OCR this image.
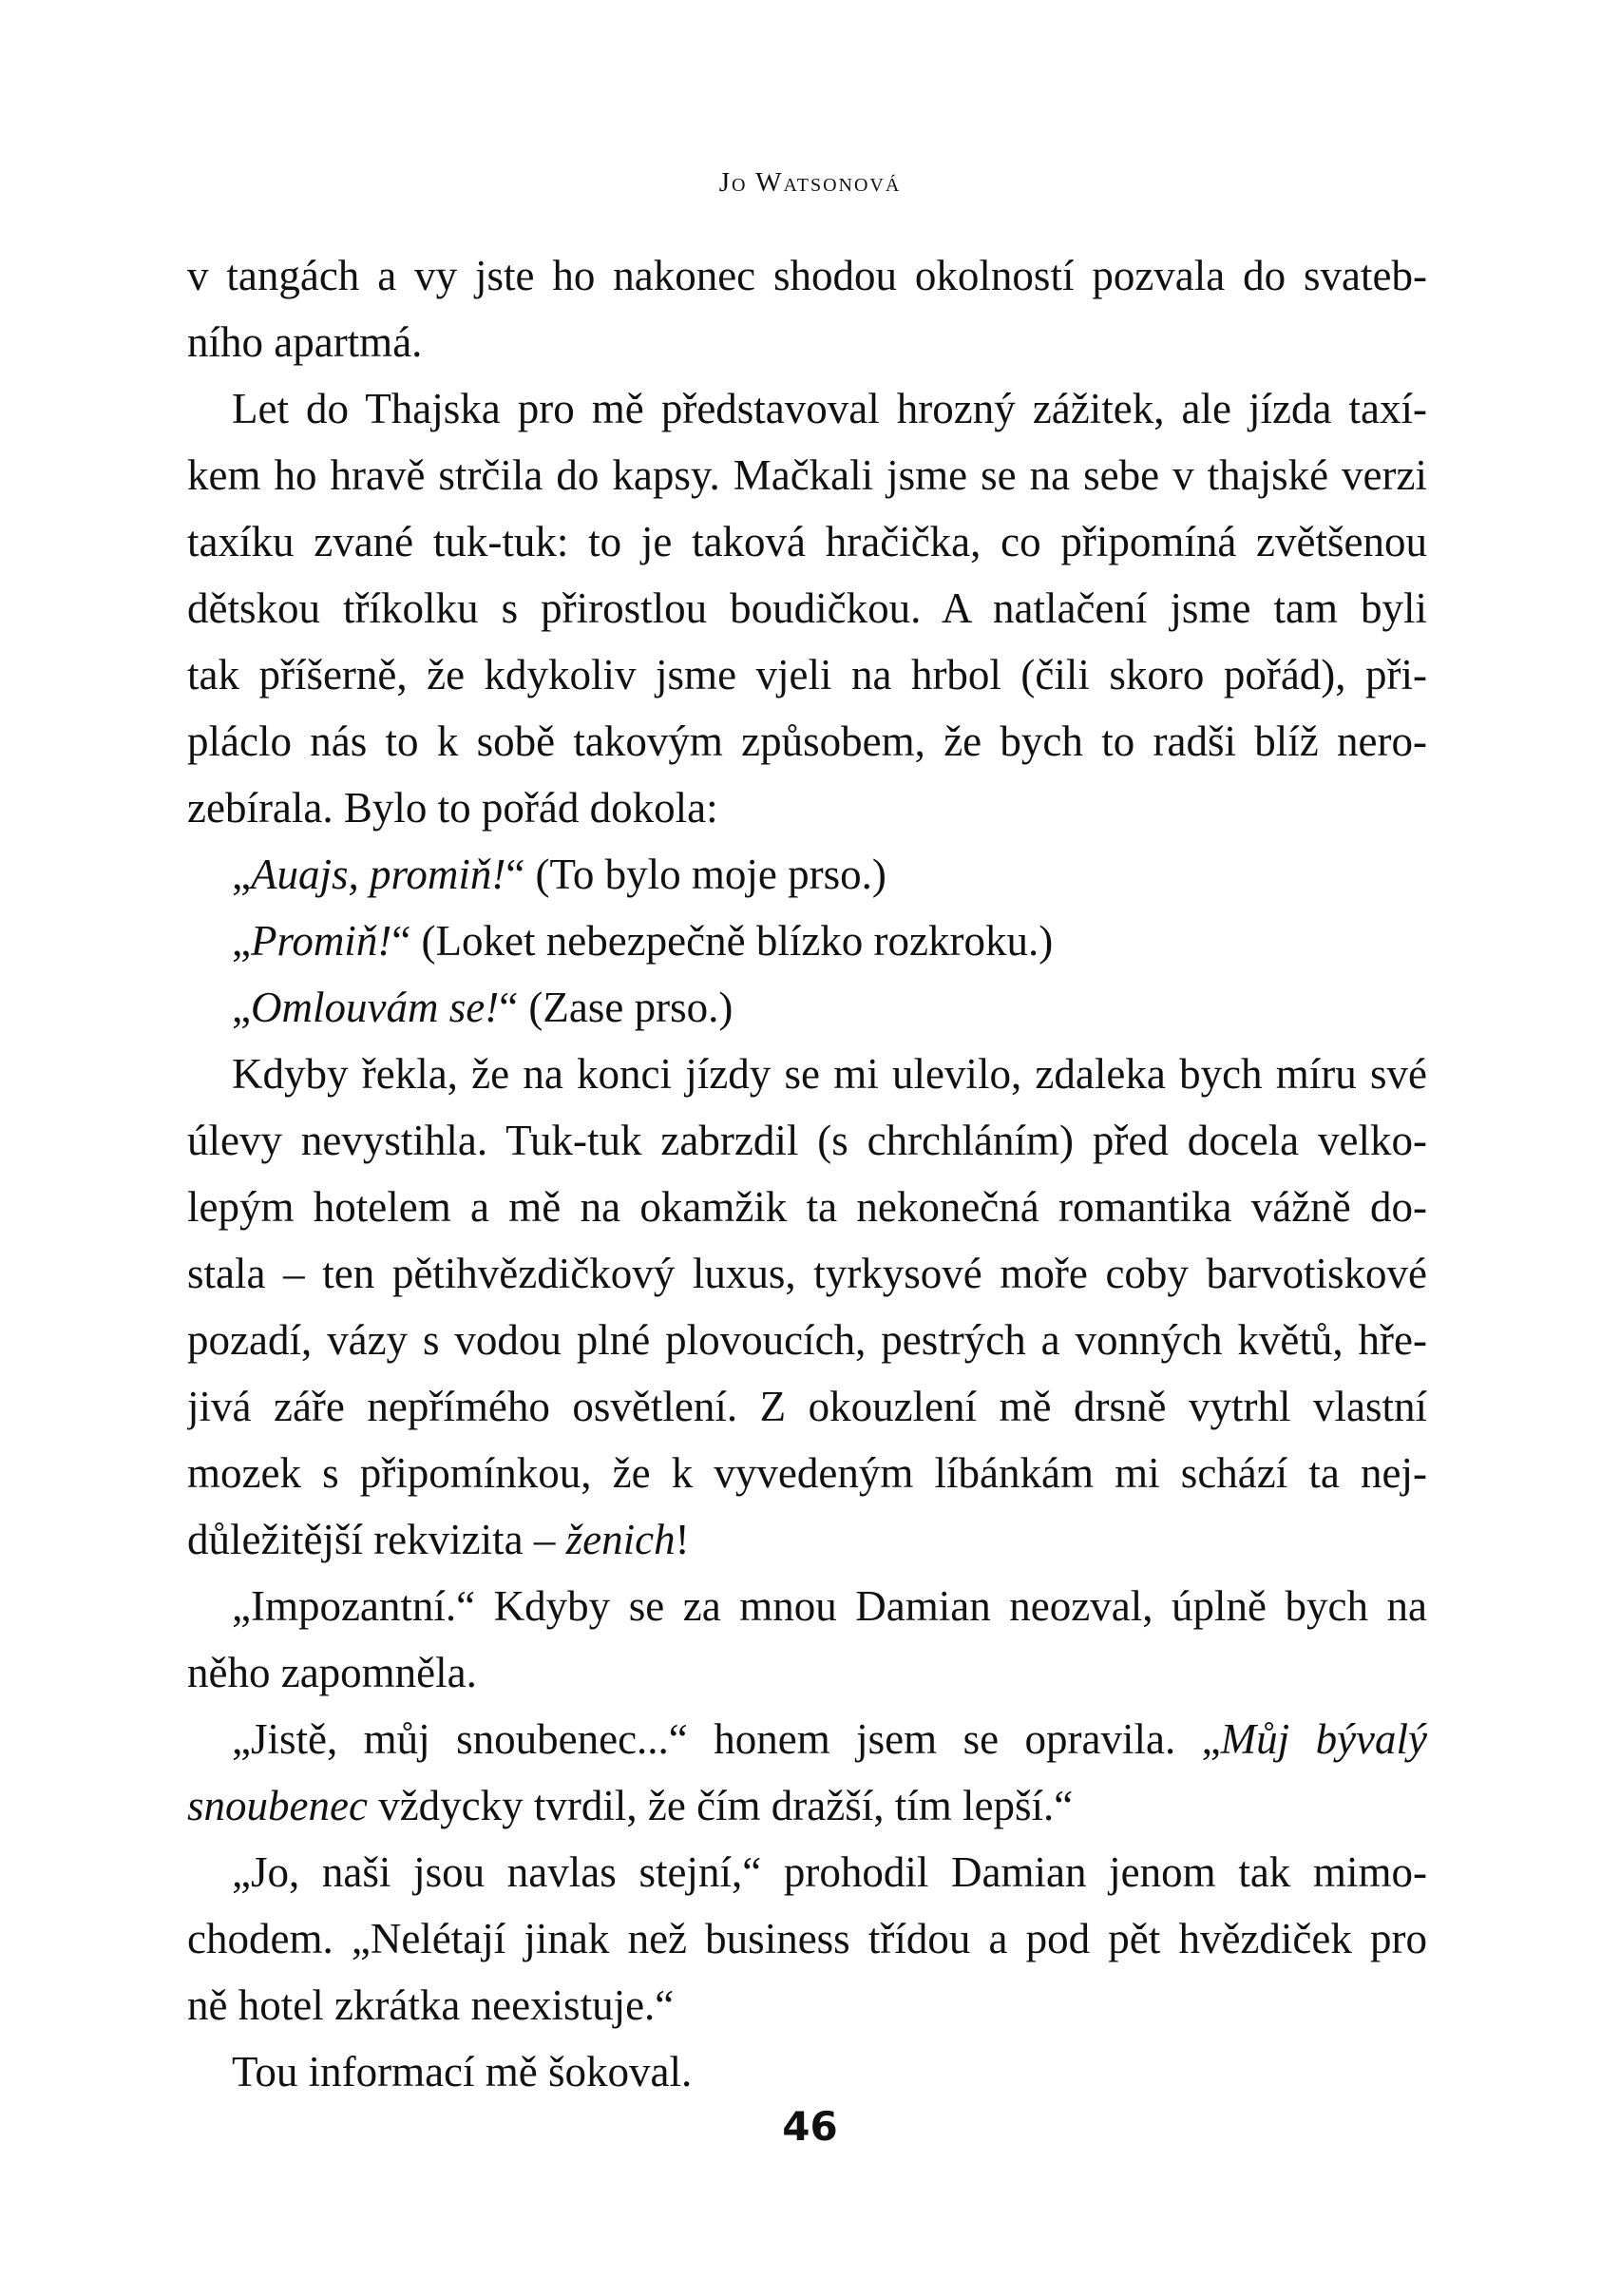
Jo Watsonová
v tangách a vy jste ho nakonec shodou okolností pozvala do svateb-
ního apartmá.
Let do Thajska pro mě představoval hrozný zážitek, ale jízda taxí-
kem ho hravě strčila do kapsy. Mačkali jsme se na sebe v thajské verzi
taxíku zvané tuk-tuk: to je taková hračička, co připomíná zvětšenou
dětskou tříkolku s přirostlou boudičkou. A natlačení jsme tam byli
tak příšerně, že kdykoliv jsme vjeli na hrbol (čili skoro pořád), při-
pláclo nás to k sobě takovým způsobem, že bych to radši blíž nero-
zebírala. Bylo to pořád dokola:
„Auajs, promiň!“ (To bylo moje prso.)
„Promiň!“ (Loket nebezpečně blízko rozkroku.)
„Omlouvám se!“ (Zase prso.)
Kdyby řekla, že na konci jízdy se mi ulevilo, zdaleka bych míru své
úlevy nevystihla. Tuk-tuk zabrzdil (s chrchláním) před docela velko-
lepým hotelem a mě na okamžik ta nekonečná romantika vážně do-
stala – ten pětihvězdičkový luxus, tyrkysové moře coby barvotiskové
pozadí, vázy s vodou plné plovoucích, pestrých a vonných květů, hře-
jivá záře nepřímého osvětlení. Z okouzlení mě drsně vytrhl vlastní
mozek s připomínkou, že k vyvedeným líbánkám mi schází ta nej-
důležitější rekvizita – ženich!
„Impozantní.“ Kdyby se za mnou Damian neozval, úplně bych na
něho zapomněla.
„Jistě, můj snoubenec...“ honem jsem se opravila. „Můj bývalý
snoubenec vždycky tvrdil, že čím dražší, tím lepší.“
„Jo, naši jsou navlas stejní,“ prohodil Damian jenom tak mimo-
chodem. „Nelétají jinak než business třídou a pod pět hvězdiček pro
ně hotel zkrátka neexistuje.“
Tou informací mě šokoval.
46
